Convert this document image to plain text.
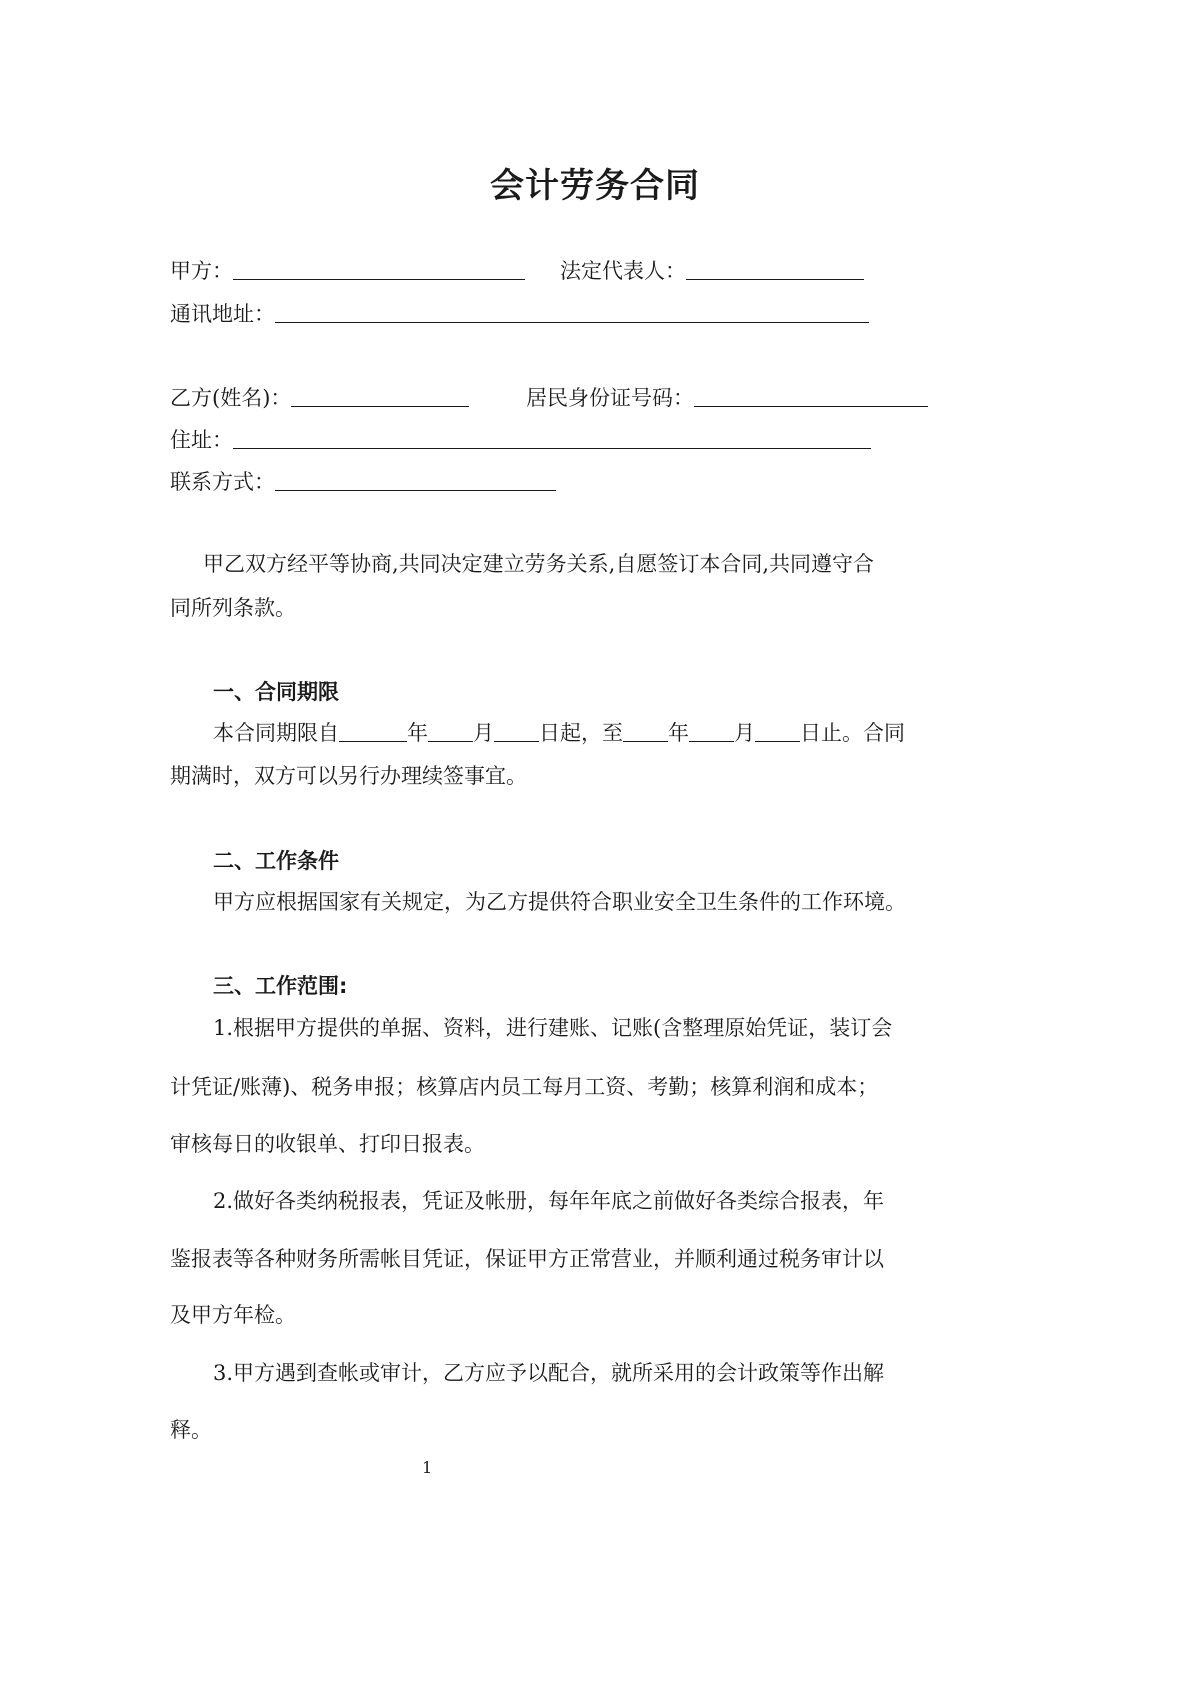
会计劳务合同
甲方：	法定代表人：
通讯地址：
乙方(姓名)：	居民身份证号码：
住址：
联系方式：
甲乙双方经平等协商,共同决定建立劳务关系,自愿签订本合同,共同遵守合
同所列条款。
一、合同期限
本合同期限自	年 月 日起，至 年 月 日止。合同
期满时，双方可以另行办理续签事宜。
二、工作条件
甲方应根据国家有关规定，为乙方提供符合职业安全卫生条件的工作环境。
三、工作范围:
1.根据甲方提供的单据、资料，进行建账、记账(含整理原始凭证，装订会
计凭证/账薄)、税务申报；核算店内员工每月工资、考勤；核算利润和成本；
审核每日的收银单、打印日报表。
2.做好各类纳税报表，凭证及帐册，每年年底之前做好各类综合报表，年
鉴报表等各种财务所需帐目凭证，保证甲方正常营业，并顺利通过税务审计以
及甲方年检。
3.甲方遇到查帐或审计，乙方应予以配合，就所采用的会计政策等作出解
释。
1
